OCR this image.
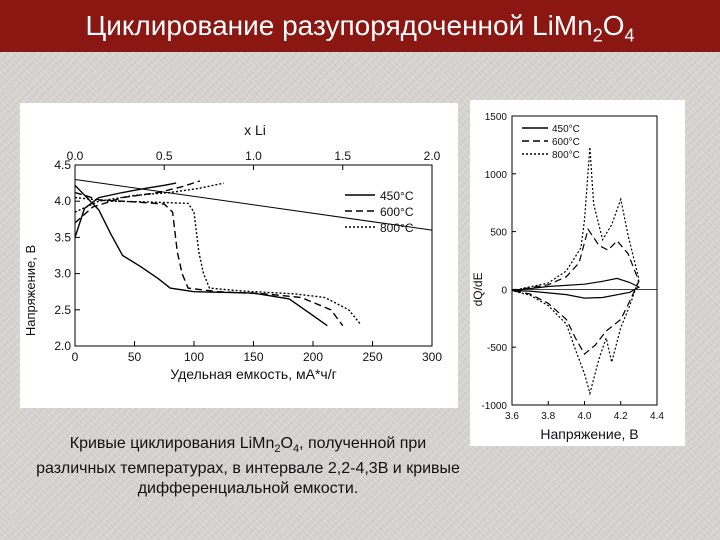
Циклирование разупорядоченной $LiMn_2O_4$
0	50	100	150	200	250	300
0.0	0.5	1.0	1.5	2.0
2.0
2.5
3.0
3.5
4.0
4.5
Удельная емкость, мА*ч/г
x Li
Напряжение, В
450°C
600°C
800°C
3.6 3.8 4.0 4.2 4.4
1500
1000
500
0
-500
-1000
Напряжение, В
dQ/dE
450°C
600°C
800°C
Кривые циклирования $LiMn_2O_4$, полученной при различных температурах, в интервале 2,2-4,3В и кривые дифференциальной емкости.
